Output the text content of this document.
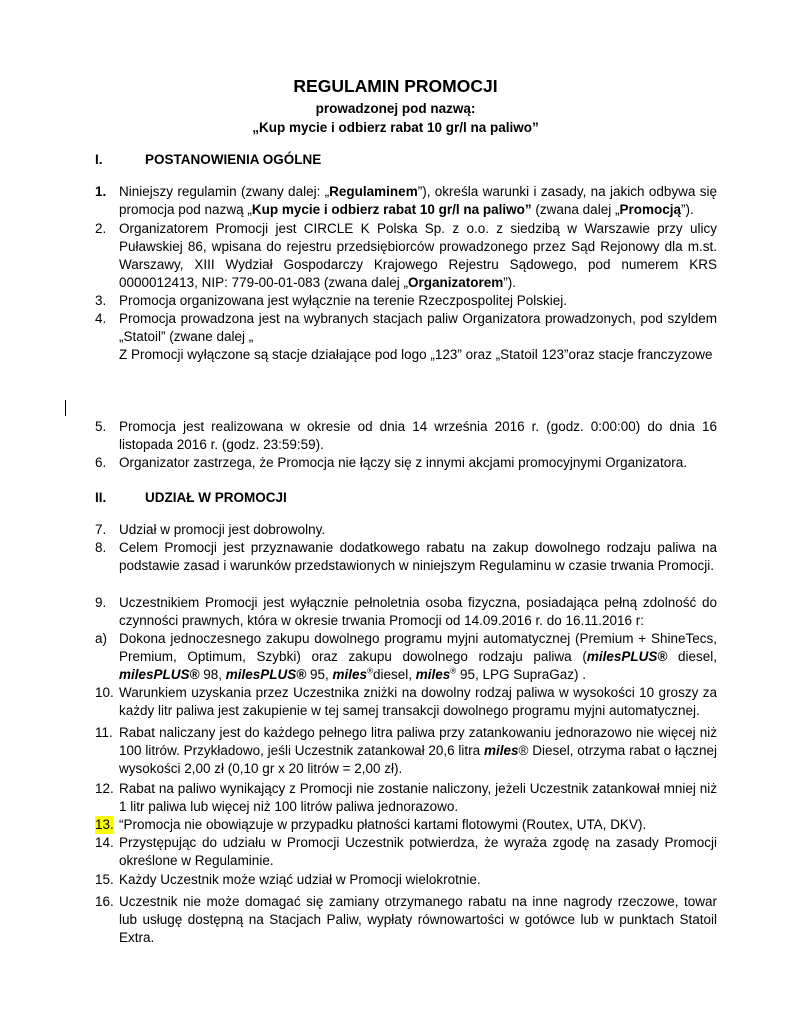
REGULAMIN PROMOCJI
prowadzonej pod nazwą:
„Kup mycie i odbierz rabat 10 gr/l na paliwo”
I.	POSTANOWIENIA OGÓLNE
1. Niniejszy regulamin (zwany dalej: „Regulaminem”), określa warunki i zasady, na jakich odbywa się promocja pod nazwą „Kup mycie i odbierz rabat 10 gr/l na paliwo” (zwana dalej „Promocją”).
2. Organizatorem Promocji jest CIRCLE K Polska Sp. z o.o. z siedzibą w Warszawie przy ulicy Puławskiej 86, wpisana do rejestru przedsiębiorców prowadzonego przez Sąd Rejonowy dla m.st. Warszawy, XIII Wydział Gospodarczy Krajowego Rejestru Sądowego, pod numerem KRS 0000012413, NIP: 779-00-01-083 (zwana dalej „Organizatorem”).
3. Promocja organizowana jest wyłącznie na terenie Rzeczpospolitej Polskiej.
4. Promocja prowadzona jest na wybranych stacjach paliw Organizatora prowadzonych, pod szyldem „Statoil” (zwane dalej „
Z Promocji wyłączone są stacje działające pod logo „123” oraz „Statoil 123”oraz stacje franczyzowe
5. Promocja jest realizowana w okresie od dnia 14 września 2016 r. (godz. 0:00:00) do dnia 16 listopada 2016 r. (godz. 23:59:59).
6. Organizator zastrzega, że Promocja nie łączy się z innymi akcjami promocyjnymi Organizatora.
II.	UDZIAŁ W PROMOCJI
7. Udział w promocji jest dobrowolny.
8. Celem Promocji jest przyznawanie dodatkowego rabatu na zakup dowolnego rodzaju paliwa na podstawie zasad i warunków przedstawionych w niniejszym Regulaminu w czasie trwania Promocji.
9. Uczestnikiem Promocji jest wyłącznie pełnoletnia osoba fizyczna, posiadająca pełną zdolność do czynności prawnych, która w okresie trwania Promocji od 14.09.2016 r. do 16.11.2016 r:
a) Dokona jednoczesnego zakupu dowolnego programu myjni automatycznej (Premium + ShineTecs, Premium, Optimum, Szybki) oraz zakupu dowolnego rodzaju paliwa (milesPLUS® diesel, milesPLUS® 98, milesPLUS® 95, miles®diesel, miles® 95, LPG SupraGaz) .
10. Warunkiem uzyskania przez Uczestnika zniżki na dowolny rodzaj paliwa w wysokości 10 groszy za każdy litr paliwa jest zakupienie w tej samej transakcji dowolnego programu myjni automatycznej.
11. Rabat naliczany jest do każdego pełnego litra paliwa przy zatankowaniu jednorazowo nie więcej niż 100 litrów. Przykładowo, jeśli Uczestnik zatankował 20,6 litra miles® Diesel, otrzyma rabat o łącznej wysokości 2,00 zł (0,10 gr x 20 litrów = 2,00 zł).
12. Rabat na paliwo wynikający z Promocji nie zostanie naliczony, jeżeli Uczestnik zatankował mniej niż 1 litr paliwa lub więcej niż 100 litrów paliwa jednorazowo.
13. “Promocja nie obowiązuje w przypadku płatności kartami flotowymi (Routex, UTA, DKV).
14. Przystępując do udziału w Promocji Uczestnik potwierdza, że wyraża zgodę na zasady Promocji określone w Regulaminie.
15. Każdy Uczestnik może wziąć udział w Promocji wielokrotnie.
16. Uczestnik nie może domagać się zamiany otrzymanego rabatu na inne nagrody rzeczowe, towar lub usługę dostępną na Stacjach Paliw, wypłaty równowartości w gotówce lub w punktach Statoil Extra.
